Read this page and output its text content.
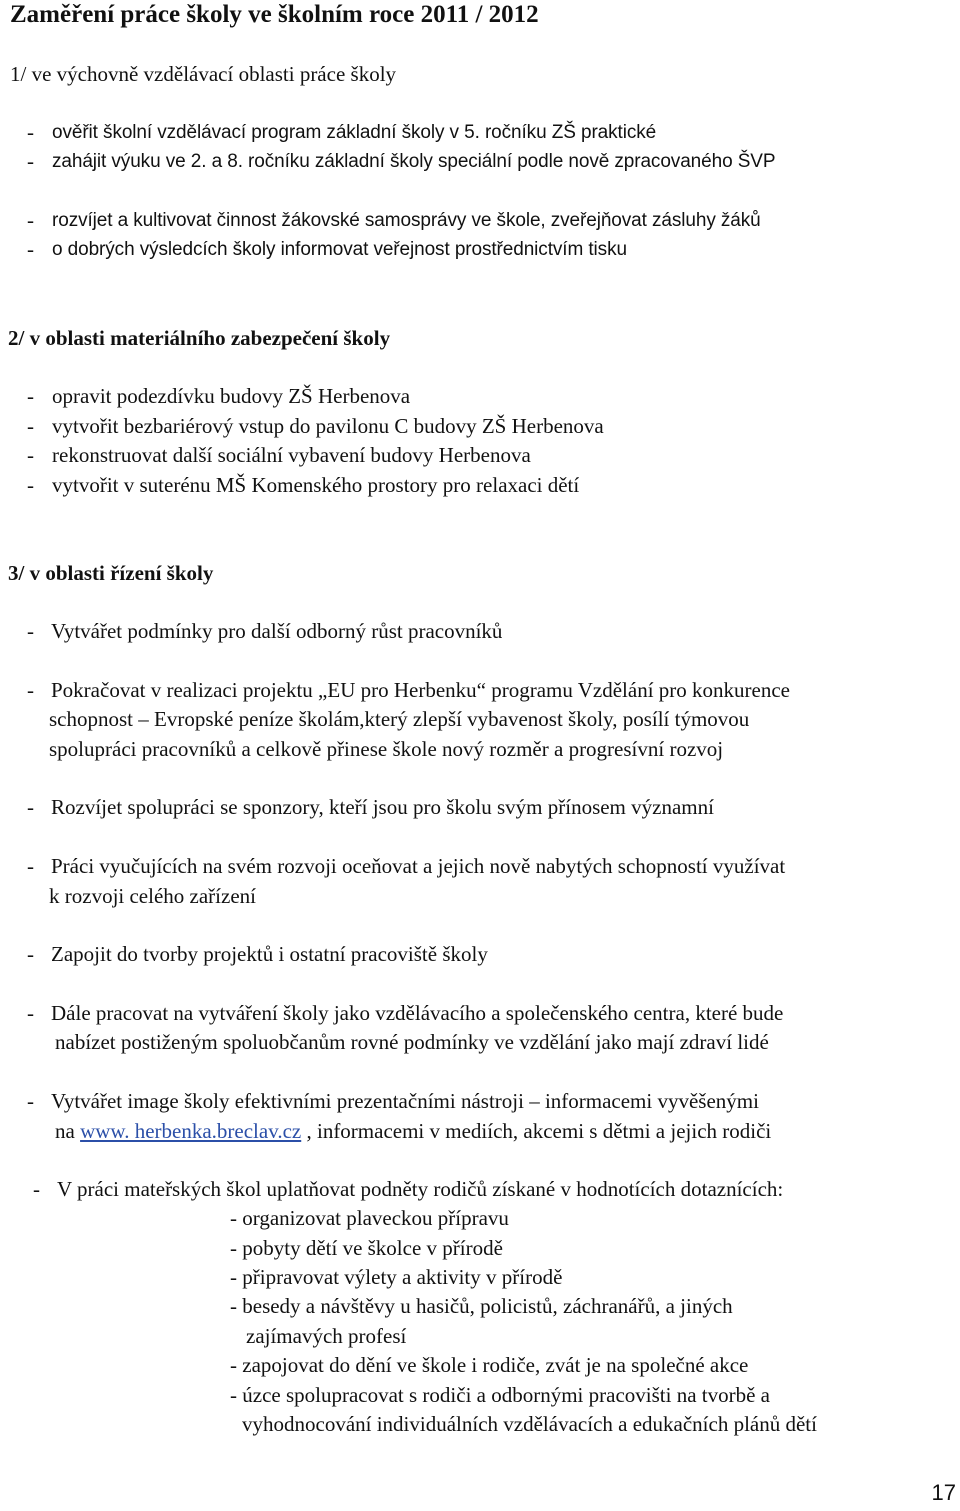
Zaměření práce školy ve školním roce 2011 / 2012
1/ ve výchovně vzdělávací oblasti práce školy
- ověřit školní vzdělávací program základní školy v 5. ročníku ZŠ praktické
- zahájit výuku ve 2. a 8. ročníku základní školy speciální podle nově zpracovaného ŠVP
- rozvíjet a kultivovat činnost žákovské samosprávy ve škole, zveřejňovat zásluhy žáků
- o dobrých výsledcích školy informovat veřejnost prostřednictvím tisku
2/ v oblasti materiálního zabezpečení školy
- opravit podezdívku budovy ZŠ Herbenova
- vytvořit bezbariérový vstup do pavilonu C budovy ZŠ Herbenova
- rekonstruovat další sociální vybavení budovy Herbenova
- vytvořit v suterénu MŠ Komenského prostory pro relaxaci dětí
3/ v oblasti řízení školy
- Vytvářet podmínky pro další odborný růst pracovníků
- Pokračovat v realizaci projektu „EU pro Herbenku“ programu Vzdělání pro konkurence
schopnost – Evropské peníze školám,který zlepší vybavenost školy, posílí týmovou
spolupráci pracovníků a celkově přinese škole nový rozměr a progresívní rozvoj
- Rozvíjet spolupráci se sponzory, kteří jsou pro školu svým přínosem významní
- Práci vyučujících na svém rozvoji oceňovat a jejich nově nabytých schopností využívat
k rozvoji celého zařízení
- Zapojit do tvorby projektů i ostatní pracoviště školy
- Dále pracovat na vytváření školy jako vzdělávacího a společenského centra, které bude
nabízet postiženým spoluobčanům rovné podmínky ve vzdělání jako mají zdraví lidé
- Vytvářet image školy efektivními prezentačními nástroji – informacemi vyvěšenými
na www. herbenka.breclav.cz , informacemi v mediích, akcemi s dětmi a jejich rodiči
- V práci mateřských škol uplatňovat podněty rodičů získané v hodnotících dotaznících:
- organizovat plaveckou přípravu
- pobyty dětí ve školce v přírodě
- připravovat výlety a aktivity v přírodě
- besedy a návštěvy u hasičů, policistů, záchranářů, a jiných
zajímavých profesí
- zapojovat do dění ve škole i rodiče, zvát je na společné akce
- úzce spolupracovat s rodiči a odbornými pracovišti na tvorbě a
vyhodnocování individuálních vzdělávacích a edukačních plánů dětí
17
